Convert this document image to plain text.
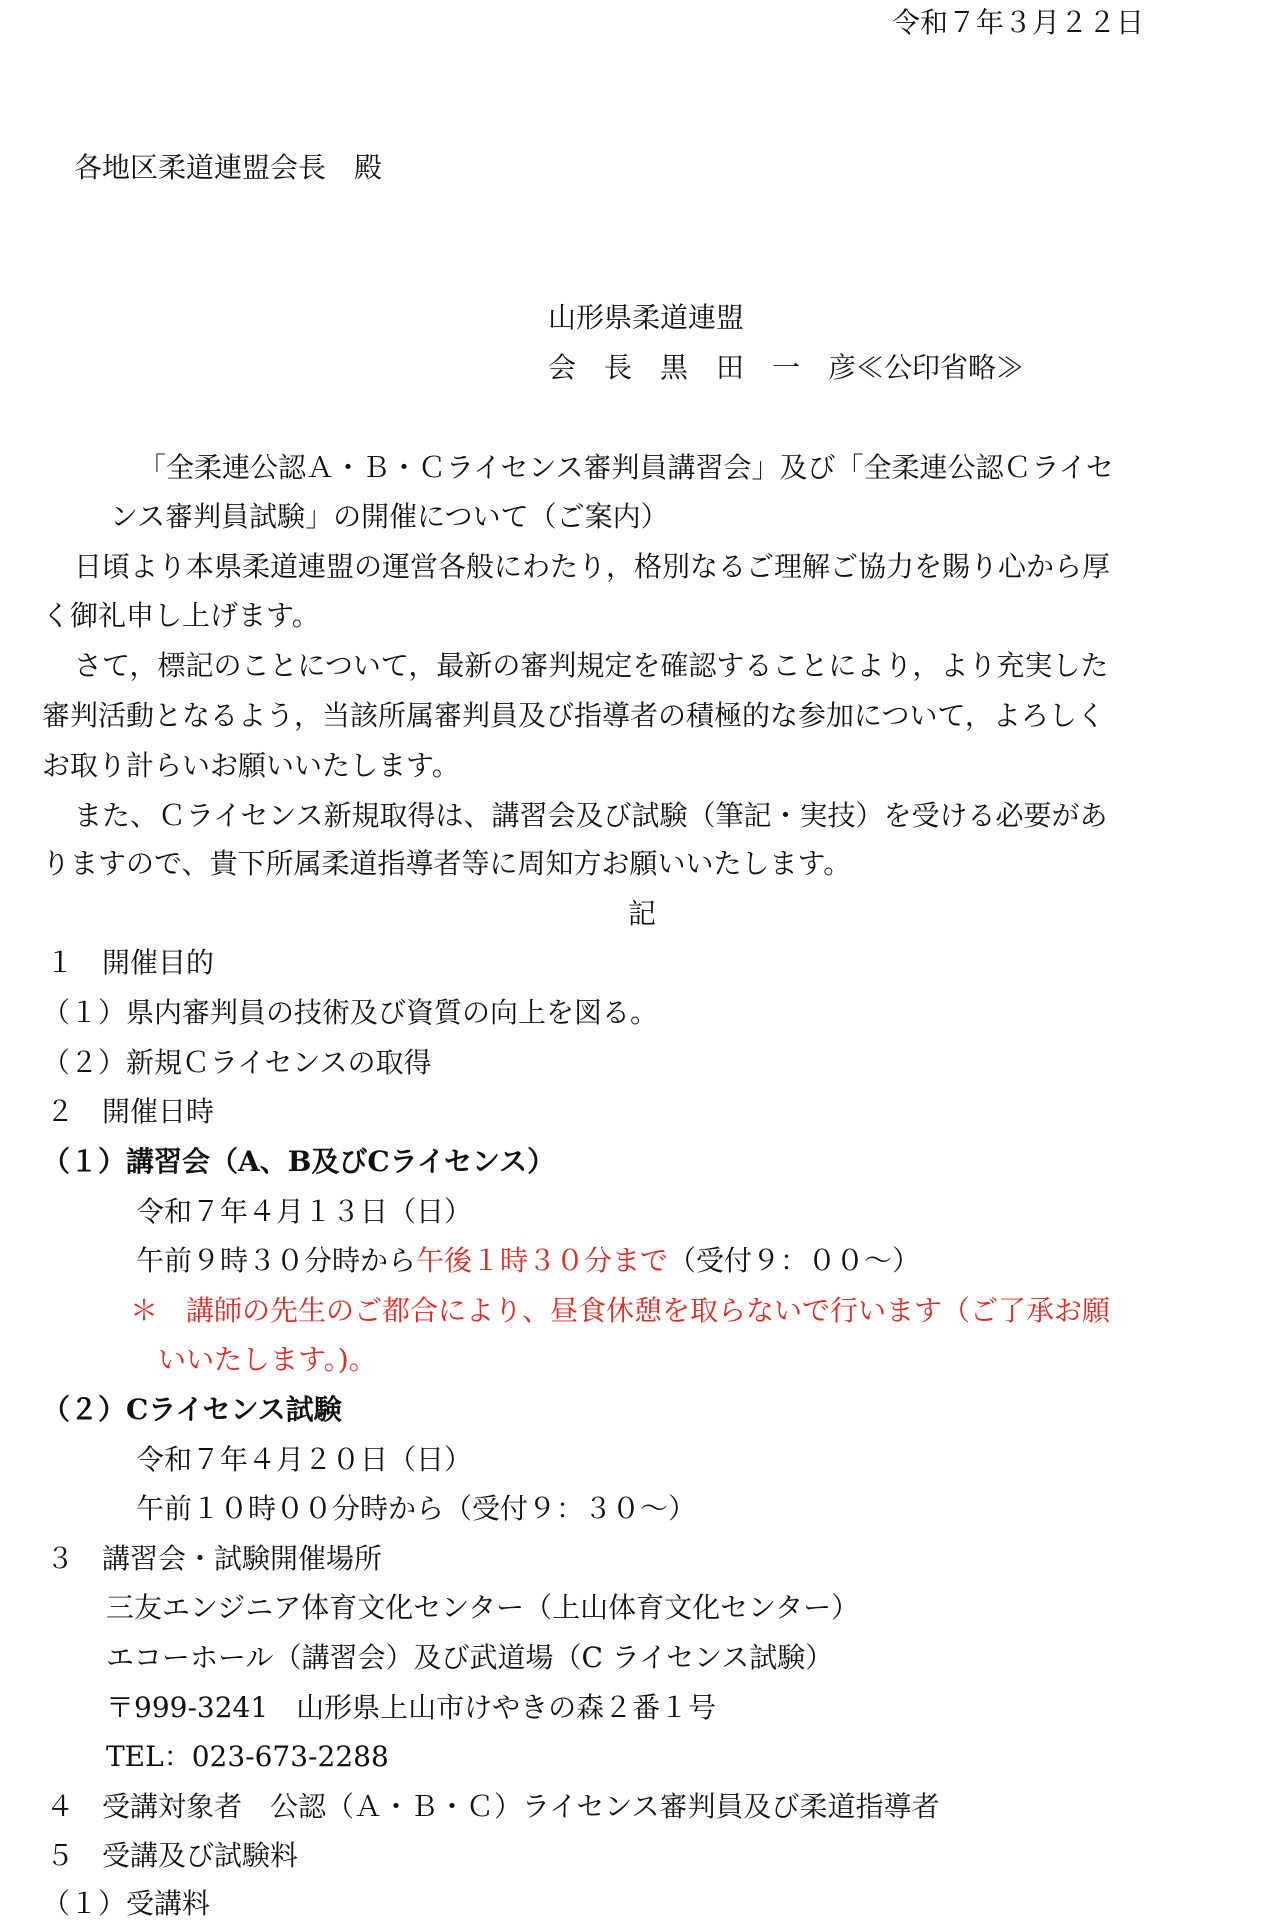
令和７年３月２２日
各地区柔道連盟会長　殿
山形県柔道連盟
会　長　黒　田　一　彦≪公印省略≫
「全柔連公認Ａ・Ｂ・Ｃライセンス審判員講習会」及び「全柔連公認Ｃライセ
ンス審判員試験」の開催について（ご案内）
日頃より本県柔道連盟の運営各般にわたり，格別なるご理解ご協力を賜り心から厚
く御礼申し上げます。
さて，標記のことについて，最新の審判規定を確認することにより，より充実した
審判活動となるよう，当該所属審判員及び指導者の積極的な参加について，よろしく
お取り計らいお願いいたします。
また、Ｃライセンス新規取得は、講習会及び試験（筆記・実技）を受ける必要があ
りますので、貴下所属柔道指導者等に周知方お願いいたします。
記
１　開催目的
（１）県内審判員の技術及び資質の向上を図る。
（２）新規Ｃライセンスの取得
２　開催日時
（１）講習会（A、B及びCライセンス）
令和７年４月１３日（日）
午前９時３０分時から午後１時３０分まで（受付９：００～）
＊　講師の先生のご都合により、昼食休憩を取らないで行います（ご了承お願
いいたします。)。
（２）Cライセンス試験
令和７年４月２０日（日）
午前１０時００分時から（受付９：３０～）
３　講習会・試験開催場所
三友エンジニア体育文化センター（上山体育文化センター）
エコーホール（講習会）及び武道場（C ライセンス試験）
〒999-3241　山形県上山市けやきの森２番１号
TEL：023-673-2288
４　受講対象者　公認（Ａ・Ｂ・Ｃ）ライセンス審判員及び柔道指導者
５　受講及び試験料
（１）受講料
